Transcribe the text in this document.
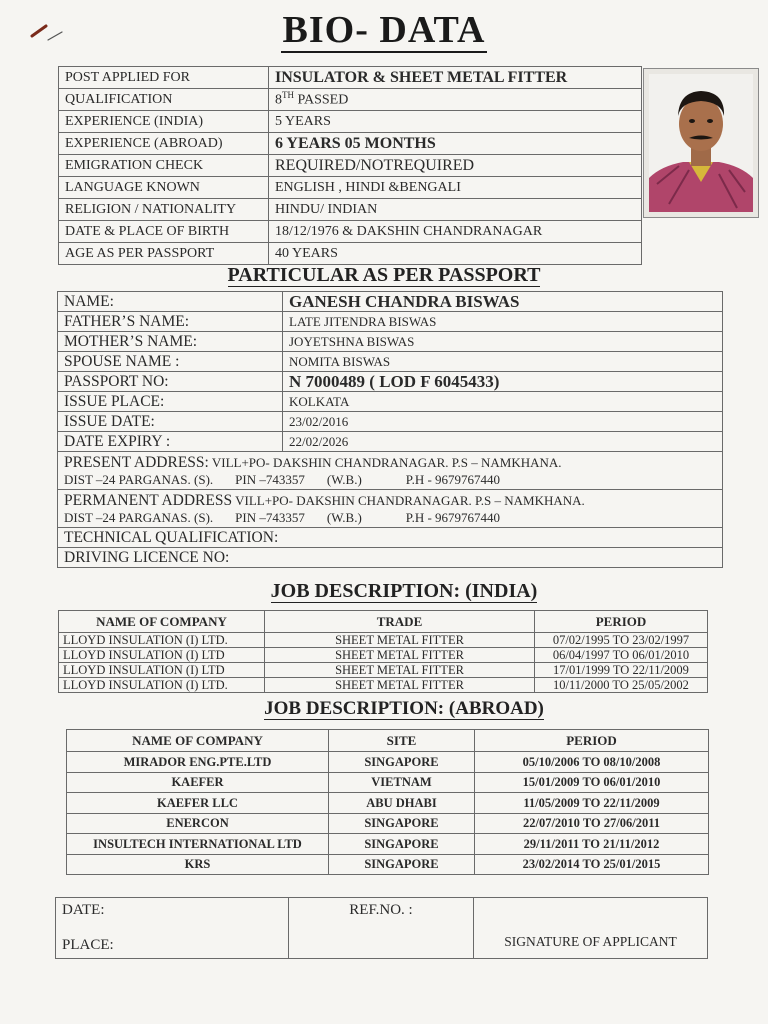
BIO- DATA
POST APPLIED FOR	INSULATOR & SHEET METAL FITTER
QUALIFICATION	8TH PASSED
EXPERIENCE (INDIA)	5 YEARS
EXPERIENCE (ABROAD)	6 YEARS 05 MONTHS
EMIGRATION CHECK	REQUIRED/NOTREQUIRED
LANGUAGE KNOWN	ENGLISH , HINDI &BENGALI
RELIGION / NATIONALITY	HINDU/ INDIAN
DATE & PLACE OF BIRTH	18/12/1976 & DAKSHIN CHANDRANAGAR
AGE AS PER PASSPORT	40 YEARS
PARTICULAR AS PER PASSPORT
NAME:	GANESH CHANDRA BISWAS
FATHER’S NAME:	LATE JITENDRA BISWAS
MOTHER’S NAME:	JOYETSHNA BISWAS
SPOUSE NAME :	NOMITA BISWAS
PASSPORT NO:	N 7000489 ( LOD F 6045433)
ISSUE PLACE:	KOLKATA
ISSUE DATE:	23/02/2016
DATE EXPIRY :	22/02/2026
PRESENT ADDRESS: VILL+PO- DAKSHIN CHANDRANAGAR. P.S – NAMKHANA.
DIST –24 PARGANAS. (S). PIN –743357 (W.B.) P.H - 9679767440	
PERMANENT ADDRESS VILL+PO- DAKSHIN CHANDRANAGAR. P.S – NAMKHANA.
DIST –24 PARGANAS. (S). PIN –743357 (W.B.) P.H - 9679767440	
TECHNICAL QUALIFICATION:	
DRIVING LICENCE NO:	
JOB DESCRIPTION: (INDIA)
NAME OF COMPANY	TRADE	PERIOD
LLOYD INSULATION (I) LTD.	SHEET METAL FITTER	07/02/1995 TO 23/02/1997
LLOYD INSULATION (I) LTD	SHEET METAL FITTER	06/04/1997 TO 06/01/2010
LLOYD INSULATION (I) LTD	SHEET METAL FITTER	17/01/1999 TO 22/11/2009
LLOYD INSULATION (I) LTD.	SHEET METAL FITTER	10/11/2000 TO 25/05/2002
JOB DESCRIPTION: (ABROAD)
NAME OF COMPANY	SITE	PERIOD
MIRADOR ENG.PTE.LTD	SINGAPORE	05/10/2006 TO 08/10/2008
KAEFER	VIETNAM	15/01/2009 TO 06/01/2010
KAEFER LLC	ABU DHABI	11/05/2009 TO 22/11/2009
ENERCON	SINGAPORE	22/07/2010 TO 27/06/2011
INSULTECH INTERNATIONAL LTD	SINGAPORE	29/11/2011 TO 21/11/2012
KRS	SINGAPORE	23/02/2014 TO 25/01/2015
DATE:
PLACE:
	REF.NO. :	SIGNATURE OF APPLICANT
